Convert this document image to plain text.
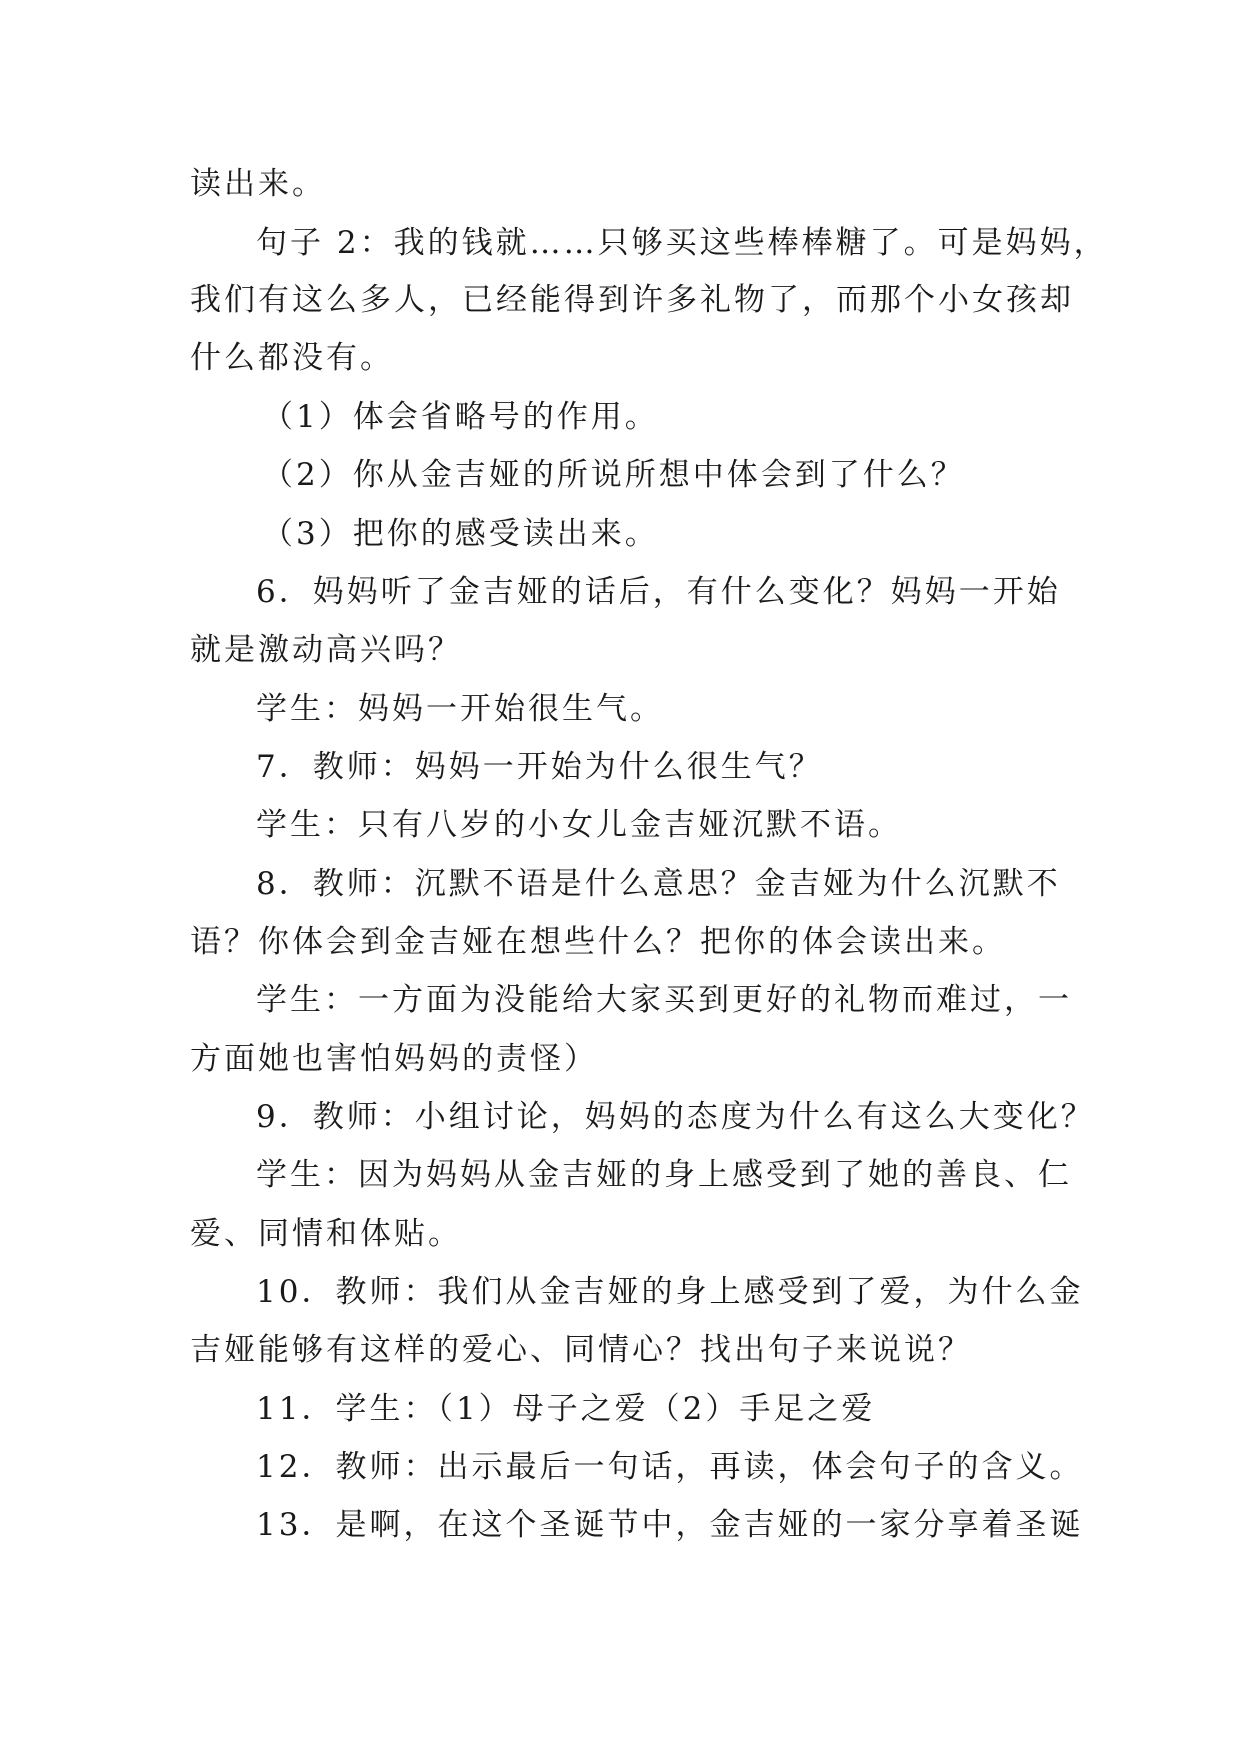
读出来。
句子 2：我的钱就……只够买这些棒棒糖了。可是妈妈，
我们有这么多人，已经能得到许多礼物了，而那个小女孩却
什么都没有。
（1）体会省略号的作用。
（2）你从金吉娅的所说所想中体会到了什么？
（3）把你的感受读出来。
6．妈妈听了金吉娅的话后，有什么变化？妈妈一开始
就是激动高兴吗？
学生：妈妈一开始很生气。
7．教师：妈妈一开始为什么很生气？
学生：只有八岁的小女儿金吉娅沉默不语。
8．教师：沉默不语是什么意思？金吉娅为什么沉默不
语？你体会到金吉娅在想些什么？把你的体会读出来。
学生：一方面为没能给大家买到更好的礼物而难过，一
方面她也害怕妈妈的责怪）
9．教师：小组讨论，妈妈的态度为什么有这么大变化？
学生：因为妈妈从金吉娅的身上感受到了她的善良、仁
爱、同情和体贴。
10．教师：我们从金吉娅的身上感受到了爱，为什么金
吉娅能够有这样的爱心、同情心？找出句子来说说？
11．学生：（1）母子之爱（2）手足之爱
12．教师：出示最后一句话，再读，体会句子的含义。
13．是啊，在这个圣诞节中，金吉娅的一家分享着圣诞
